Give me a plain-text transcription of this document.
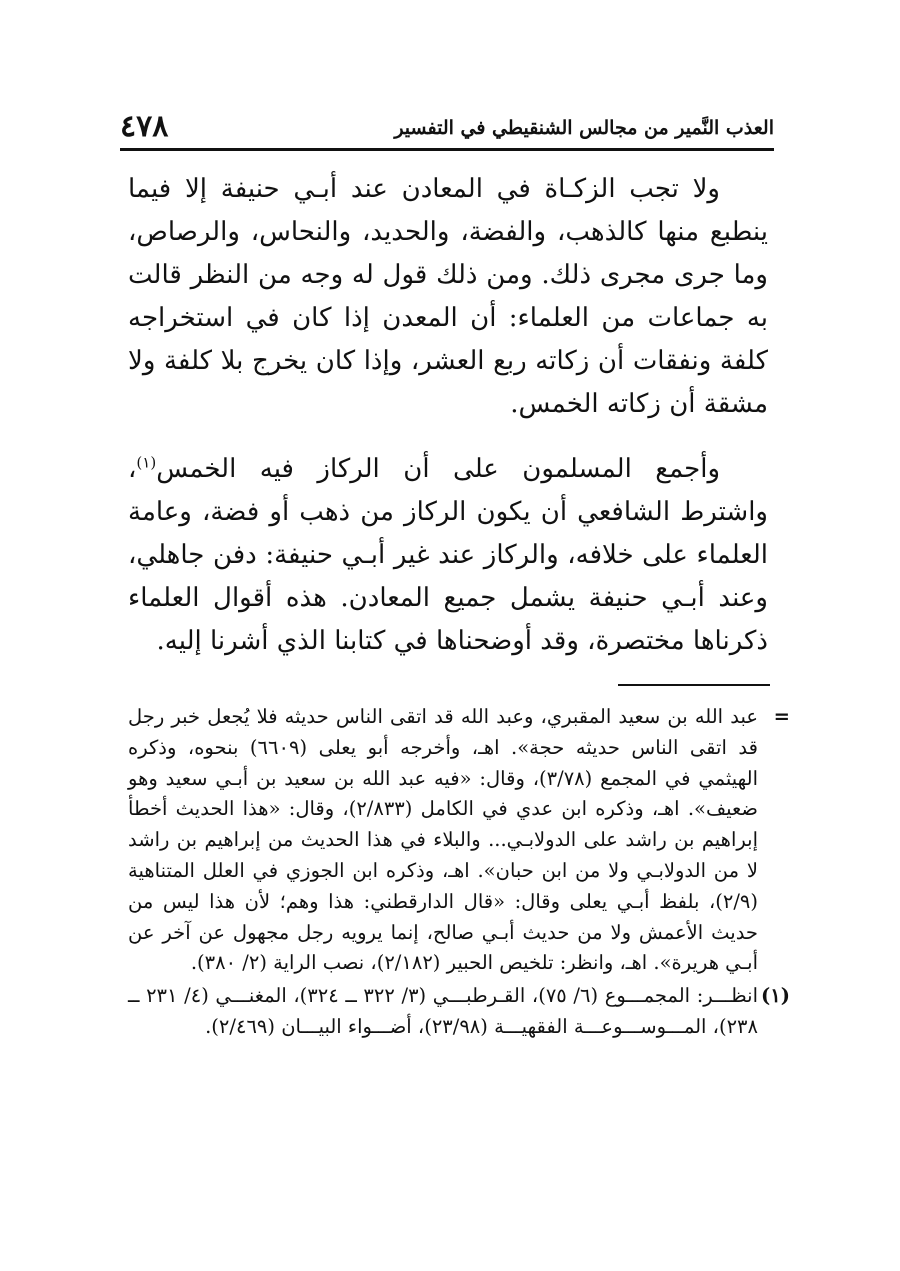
العذب النَّمير من مجالس الشنقيطي في التفسير
٤٧٨

ولا تجب الزكـاة في المعادن عند أبـي حنيفة إلا فيما ينطبع منها كالذهب، والفضة، والحديد، والنحاس، والرصاص، وما جرى مجرى ذلك. ومن ذلك قول له وجه من النظر قالت به جماعات من العلماء: أن المعدن إذا كان في استخراجه كلفة ونفقات أن زكاته ربع العشر، وإذا كان يخرج بلا كلفة ولا مشقة أن زكاته الخمس.

وأجمع المسلمون على أن الركاز فيه الخمس$^{(١)}$، واشترط الشافعي أن يكون الركاز من ذهب أو فضة، وعامة العلماء على خلافه، والركاز عند غير أبـي حنيفة: دفن جاهلي، وعند أبـي حنيفة يشمل جميع المعادن. هذه أقوال العلماء ذكرناها مختصرة، وقد أوضحناها في كتابنا الذي أشرنا إليه.

=

عبد الله بن سعيد المقبري، وعبد الله قد اتقى الناس حديثه فلا يُجعل خبر رجل قد اتقى الناس حديثه حجة». اهـ، وأخرجه أبو يعلى (٦٦٠٩) بنحوه، وذكره الهيثمي في المجمع (٣/٧٨)، وقال: «فيه عبد الله بن سعيد بن أبـي سعيد وهو ضعيف». اهـ، وذكره ابن عدي في الكامل (٢/٨٣٣)، وقال: «هذا الحديث أخطأ إبراهيم بن راشد على الدولابـي... والبلاء في هذا الحديث من إبراهيم بن راشد لا من الدولابـي ولا من ابن حبان». اهـ، وذكره ابن الجوزي في العلل المتناهية (٢/٩)، بلفظ أبـي يعلى وقال: «قال الدارقطني: هذا وهم؛ لأن هذا ليس من حديث الأعمش ولا من حديث أبـي صالح، إنما يرويه رجل مجهول عن آخر عن أبـي هريرة». اهـ، وانظر: تلخيص الحبير (٢/١٨٢)، نصب الراية (٢/ ٣٨٠).

(١)

انظـــر: المجمـــوع (٦/ ٧٥)، القـرطبـــي (٣/ ٣٢٢ ــ ٣٢٤)، المغنـــي (٤/ ٢٣١ ــ ٢٣٨)، المـــوســـوعـــة الفقهيـــة (٢٣/٩٨)، أضـــواء البيـــان (٢/٤٦٩).
